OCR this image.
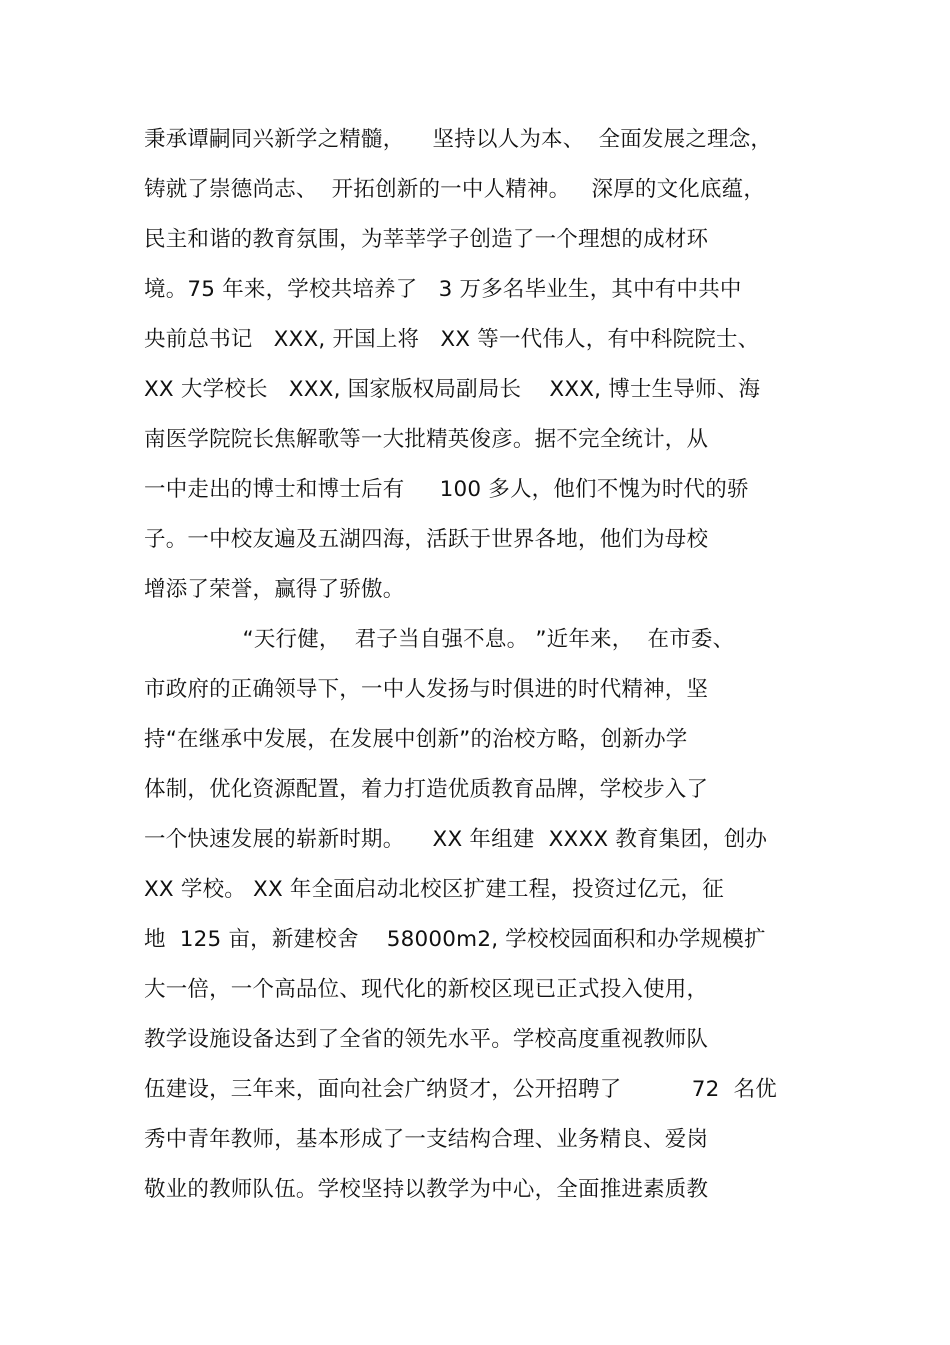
秉承谭嗣同兴新学之精髓，    坚持以人为本、  全面发展之理念，
铸就了崇德尚志、  开拓创新的一中人精神。   深厚的文化底蕴，
民主和谐的教育氛围，为莘莘学子创造了一个理想的成材环
境。75 年来，学校共培养了   3 万多名毕业生，其中有中共中
央前总书记   XXX, 开国上将   XX 等一代伟人，有中科院院士、
XX 大学校长   XXX, 国家版权局副局长    XXX, 博士生导师、海
南医学院院长焦解歌等一大批精英俊彦。据不完全统计，从
一中走出的博士和博士后有     100 多人，他们不愧为时代的骄
子。一中校友遍及五湖四海，活跃于世界各地，他们为母校
增添了荣誉，赢得了骄傲。
“天行健，  君子当自强不息。 ”近年来，  在市委、
市政府的正确领导下，一中人发扬与时俱进的时代精神，坚
持“在继承中发展，在发展中创新”的治校方略，创新办学
体制，优化资源配置，着力打造优质教育品牌，学校步入了
一个快速发展的崭新时期。    XX 年组建  XXXX 教育集团，创办
XX 学校。 XX 年全面启动北校区扩建工程，投资过亿元，征
地  125 亩，新建校舍    58000m2, 学校校园面积和办学规模扩
大一倍，一个高品位、现代化的新校区现已正式投入使用，
教学设施设备达到了全省的领先水平。学校高度重视教师队
伍建设，三年来，面向社会广纳贤才，公开招聘了          72  名优
秀中青年教师，基本形成了一支结构合理、业务精良、爱岗
敬业的教师队伍。学校坚持以教学为中心，全面推进素质教
